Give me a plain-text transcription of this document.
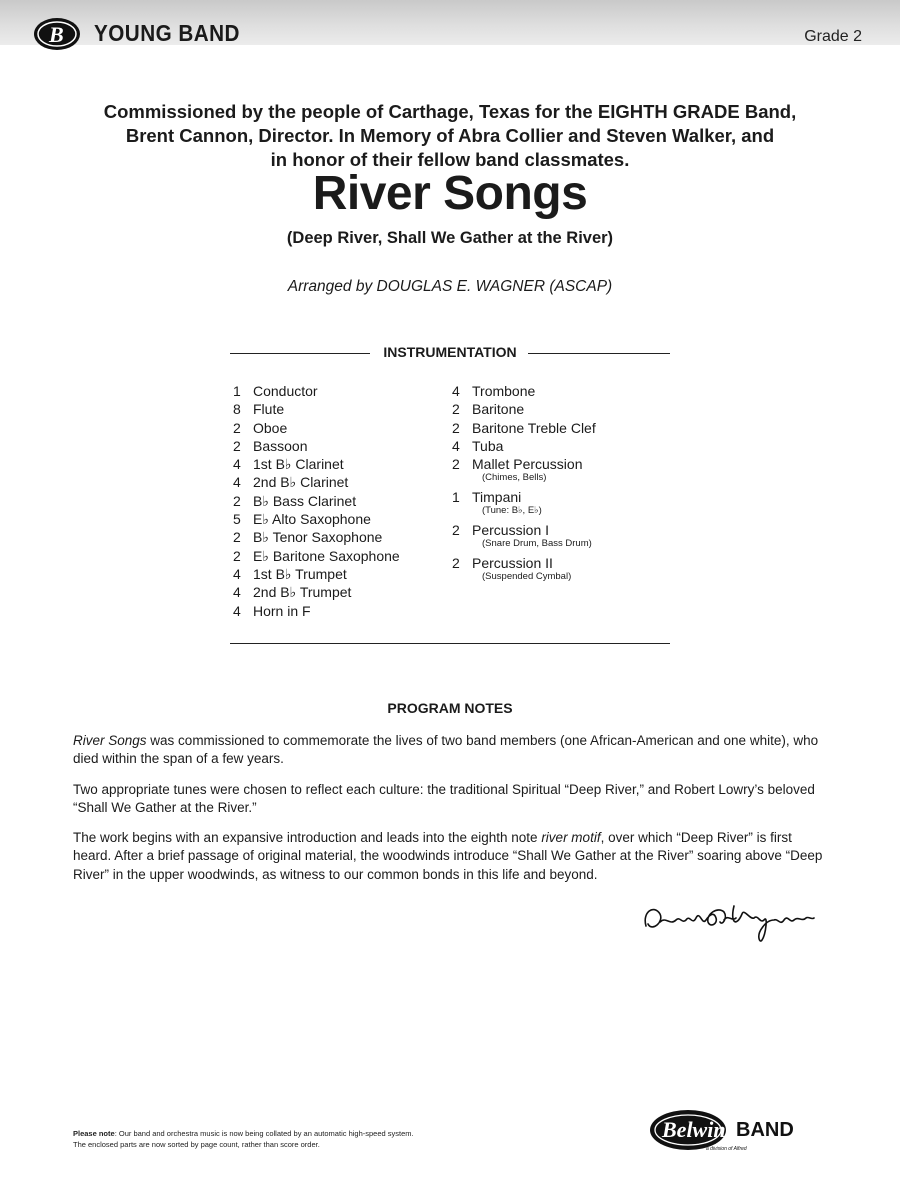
B YOUNG BAND	Grade 2
Commissioned by the people of Carthage, Texas for the EIGHTH GRADE Band,
Brent Cannon, Director. In Memory of Abra Collier and Steven Walker, and
in honor of their fellow band classmates.
River Songs
(Deep River, Shall We Gather at the River)
Arranged by DOUGLAS E. WAGNER (ASCAP)
INSTRUMENTATION
1 Conductor
8 Flute
2 Oboe
2 Bassoon
4 1st B♭ Clarinet
4 2nd B♭ Clarinet
2 B♭ Bass Clarinet
5 E♭ Alto Saxophone
2 B♭ Tenor Saxophone
2 E♭ Baritone Saxophone
4 1st B♭ Trumpet
4 2nd B♭ Trumpet
4 Horn in F
4 Trombone
2 Baritone
2 Baritone Treble Clef
4 Tuba
2 Mallet Percussion
(Chimes, Bells)
1 Timpani
(Tune: B♭, E♭)
2 Percussion I
(Snare Drum, Bass Drum)
2 Percussion II
(Suspended Cymbal)
PROGRAM NOTES

River Songs was commissioned to commemorate the lives of two band members (one African-American and one white), who died within the span of a few years.

Two appropriate tunes were chosen to reflect each culture: the traditional Spiritual “Deep River,” and Robert Lowry’s beloved “Shall We Gather at the River.”

The work begins with an expansive introduction and leads into the eighth note river motif, over which “Deep River” is first heard. After a brief passage of original material, the woodwinds introduce “Shall We Gather at the River” soaring above “Deep River” in the upper woodwinds, as witness to our common bonds in this life and beyond.

Please note: Our band and orchestra music is now being collated by an automatic high-speed system.
The enclosed parts are now sorted by page count, rather than score order.
Belwin BAND
a division of Alfred
